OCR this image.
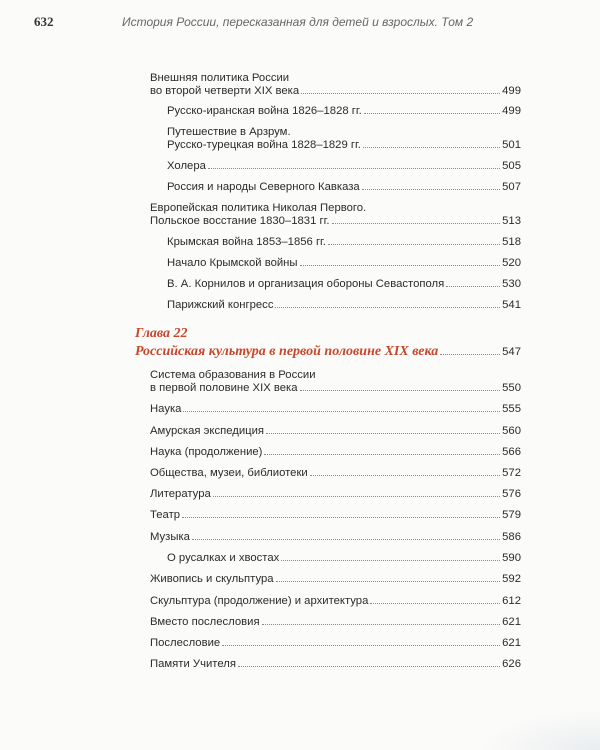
632	История России, пересказанная для детей и взрослых. Том 2
Внешняя политика России
во второй четверти XIX века	499
Русско-иранская война 1826–1828 гг.	499
Путешествие в Арзрум.
Русско-турецкая война 1828–1829 гг.	501
Холера	505
Россия и народы Северного Кавказа	507
Европейская политика Николая Первого.
Польское восстание 1830–1831 гг.	513
Крымская война 1853–1856 гг.	518
Начало Крымской войны	520
В. А. Корнилов и организация обороны Севастополя	530
Парижский конгресс	541
Глава 22
Российская культура в первой половине XIX века	547
Система образования в России
в первой половине XIX века	550
Наука	555
Амурская экспедиция	560
Наука (продолжение)	566
Общества, музеи, библиотеки	572
Литература	576
Театр	579
Музыка	586
О русалках и хвостах	590
Живопись и скульптура	592
Скульптура (продолжение) и архитектура	612
Вместо послесловия	621
Послесловие	621
Памяти Учителя	626
